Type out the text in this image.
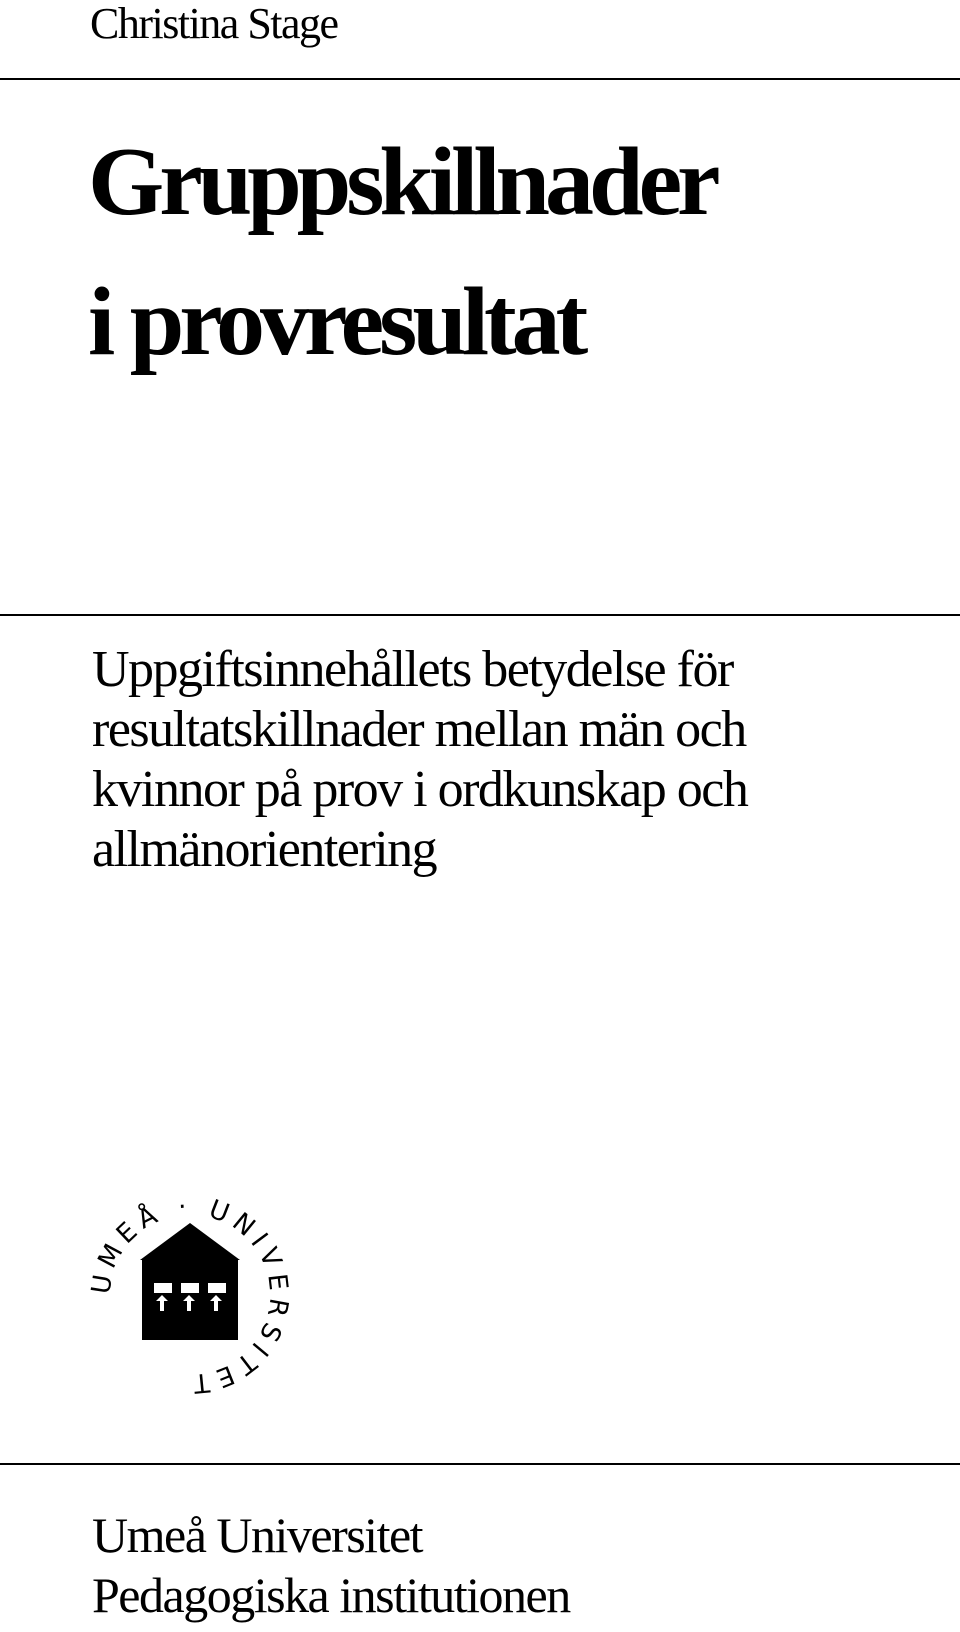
Christina Stage
Gruppskillnader
i provresultat
Uppgiftsinnehållets betydelse för
resultatskillnader mellan män och
kvinnor på prov i ordkunskap och
allmänorientering
UMEÅ · UNIVERSITET
Umeå Universitet
Pedagogiska institutionen
